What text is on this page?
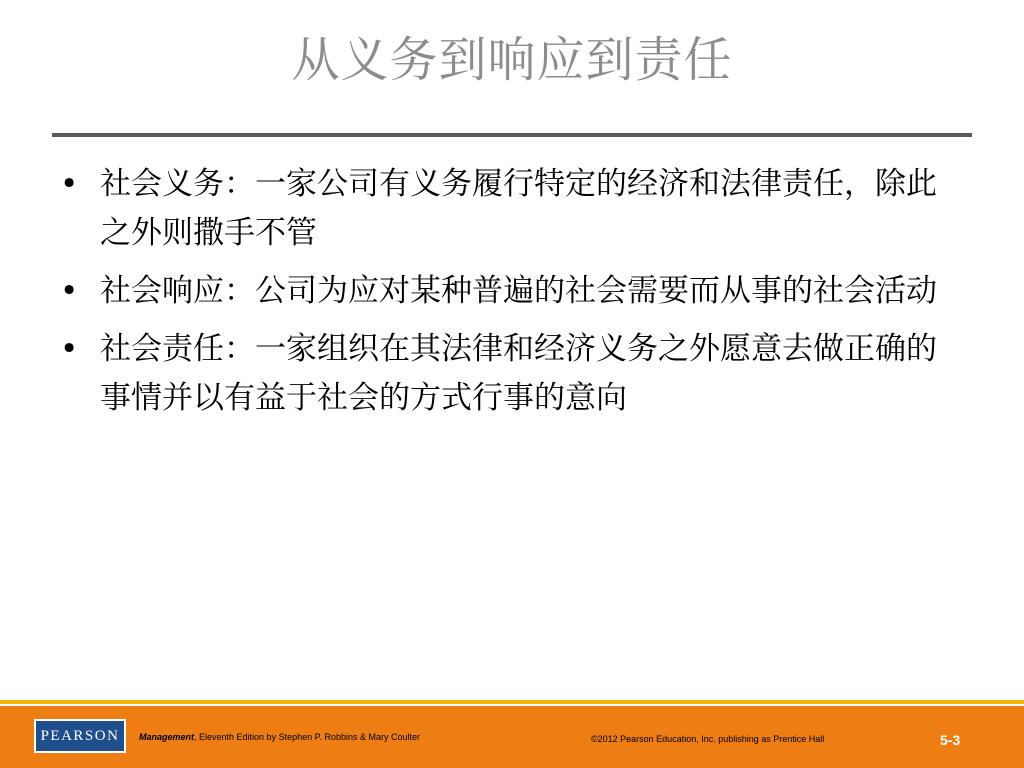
从义务到响应到责任
• 社会义务：一家公司有义务履行特定的经济和法律责任，除此之外则撒手不管
• 社会响应：公司为应对某种普遍的社会需要而从事的社会活动
• 社会责任：一家组织在其法律和经济义务之外愿意去做正确的事情并以有益于社会的方式行事的意向
PEARSON	Management, Eleventh Edition by Stephen P. Robbins & Mary Coulter	©2012 Pearson Education, Inc. publishing as Prentice Hall	5-3
